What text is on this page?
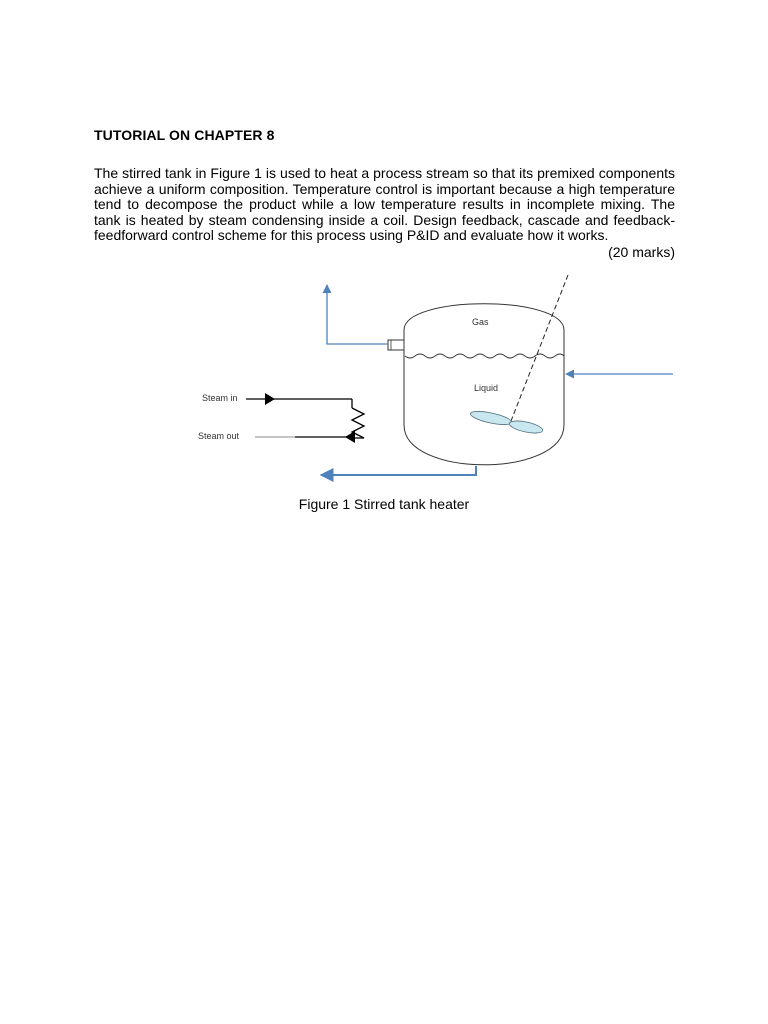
TUTORIAL ON CHAPTER 8
The stirred tank in Figure 1 is used to heat a process stream so that its premixed components achieve a uniform composition. Temperature control is important because a high temperature tend to decompose the product while a low temperature results in incomplete mixing. The tank is heated by steam condensing inside a coil. Design feedback, cascade and feedback-feedforward control scheme for this process using P&ID and evaluate how it works.
(20 marks)
Gas
Liquid
Steam in
Steam out
Figure 1 Stirred tank heater
